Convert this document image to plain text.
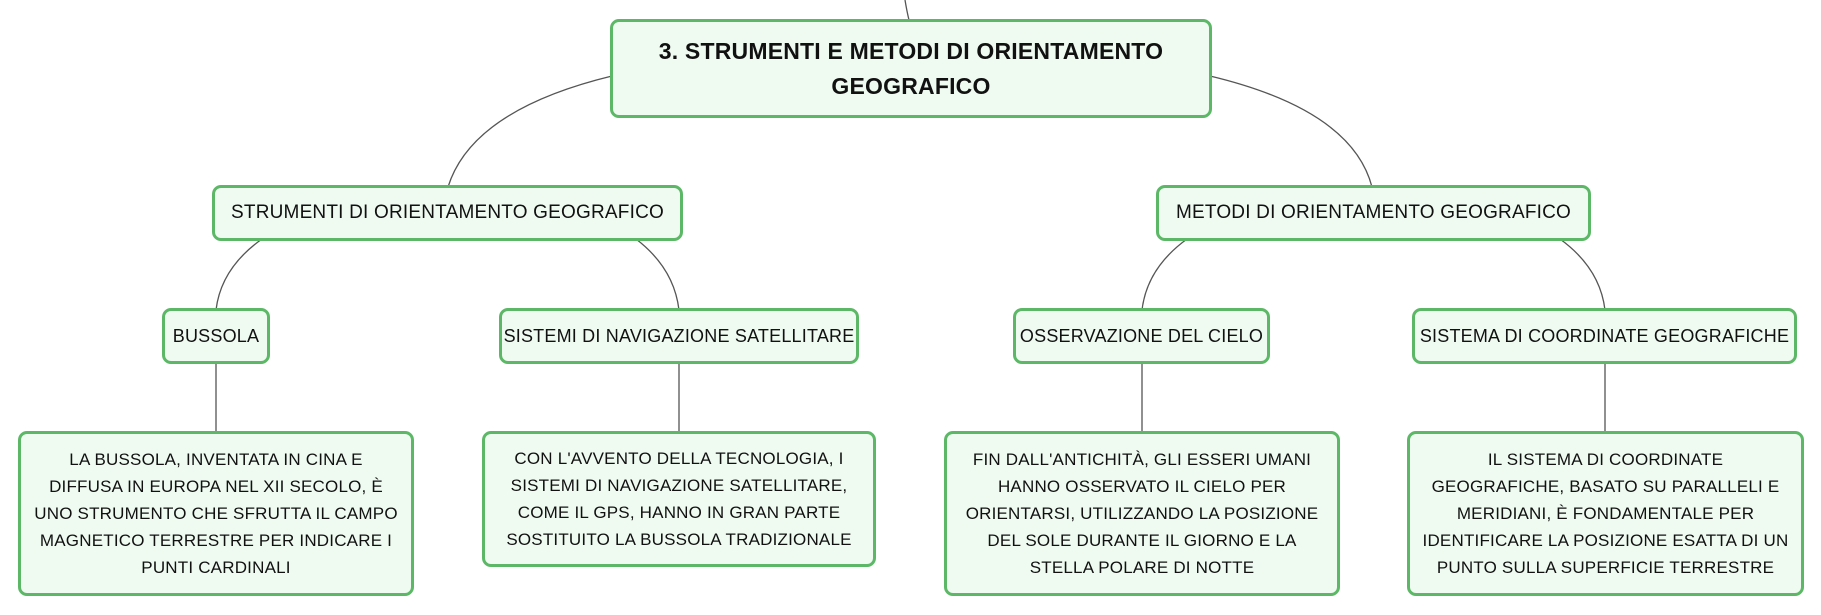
3. STRUMENTI E METODI DI ORIENTAMENTO GEOGRAFICO
STRUMENTI DI ORIENTAMENTO GEOGRAFICO	METODI DI ORIENTAMENTO GEOGRAFICO
BUSSOLA	SISTEMI DI NAVIGAZIONE SATELLITARE	OSSERVAZIONE DEL CIELO	SISTEMA DI COORDINATE GEOGRAFICHE
LA BUSSOLA, INVENTATA IN CINA E DIFFUSA IN EUROPA NEL XII SECOLO, È UNO STRUMENTO CHE SFRUTTA IL CAMPO MAGNETICO TERRESTRE PER INDICARE I PUNTI CARDINALI
CON L'AVVENTO DELLA TECNOLOGIA, I SISTEMI DI NAVIGAZIONE SATELLITARE, COME IL GPS, HANNO IN GRAN PARTE SOSTITUITO LA BUSSOLA TRADIZIONALE
FIN DALL'ANTICHITÀ, GLI ESSERI UMANI HANNO OSSERVATO IL CIELO PER ORIENTARSI, UTILIZZANDO LA POSIZIONE DEL SOLE DURANTE IL GIORNO E LA STELLA POLARE DI NOTTE
IL SISTEMA DI COORDINATE GEOGRAFICHE, BASATO SU PARALLELI E MERIDIANI, È FONDAMENTALE PER IDENTIFICARE LA POSIZIONE ESATTA DI UN PUNTO SULLA SUPERFICIE TERRESTRE
